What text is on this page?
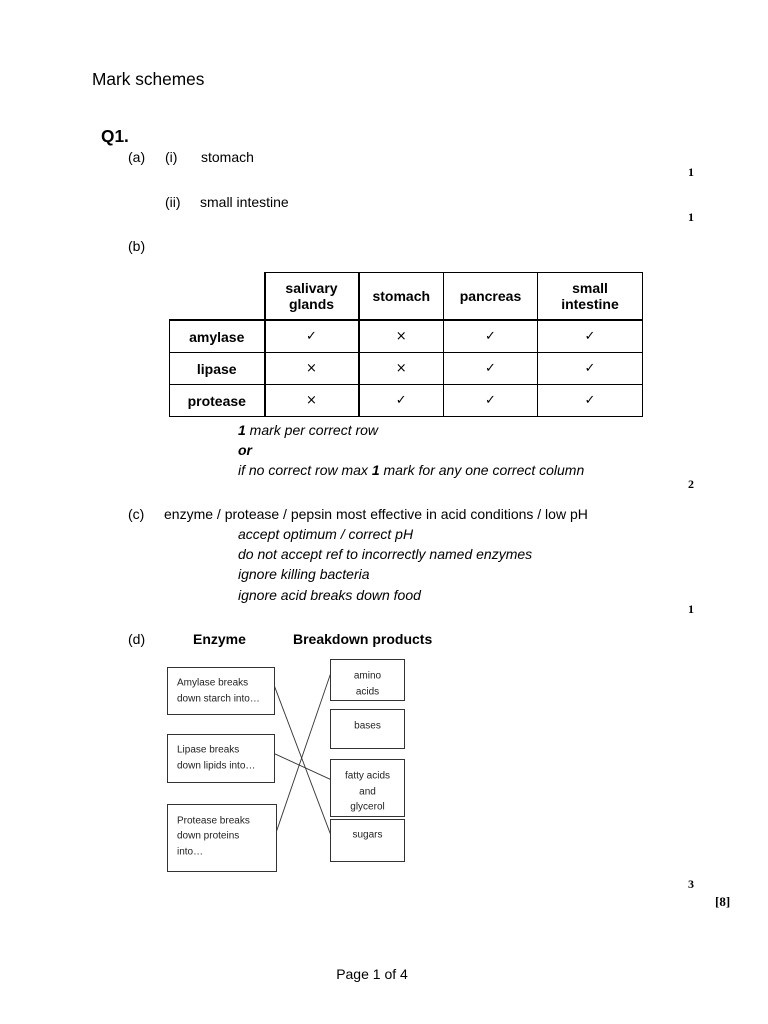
Mark schemes
Q1.
(a) (i) stomach
1
(ii) small intestine
1
(b)
	salivary glands	stomach	pancreas	small intestine
amylase	✓	×	✓	✓
lipase	×	×	✓	✓
protease	×	✓	✓	✓
1 mark per correct row
or
if no correct row max 1 mark for any one correct column
2
(c) enzyme / protease / pepsin most effective in acid conditions / low pH
accept optimum / correct pH
do not accept ref to incorrectly named enzymes
ignore killing bacteria
ignore acid breaks down food
1
(d)	Enzyme	Breakdown products
Amylase breaks
down starch into…
Lipase breaks
down lipids into…
Protease breaks
down proteins
into…
amino
acids
bases
fatty acids
and
glycerol
sugars
3
[8]
Page 1 of 4
